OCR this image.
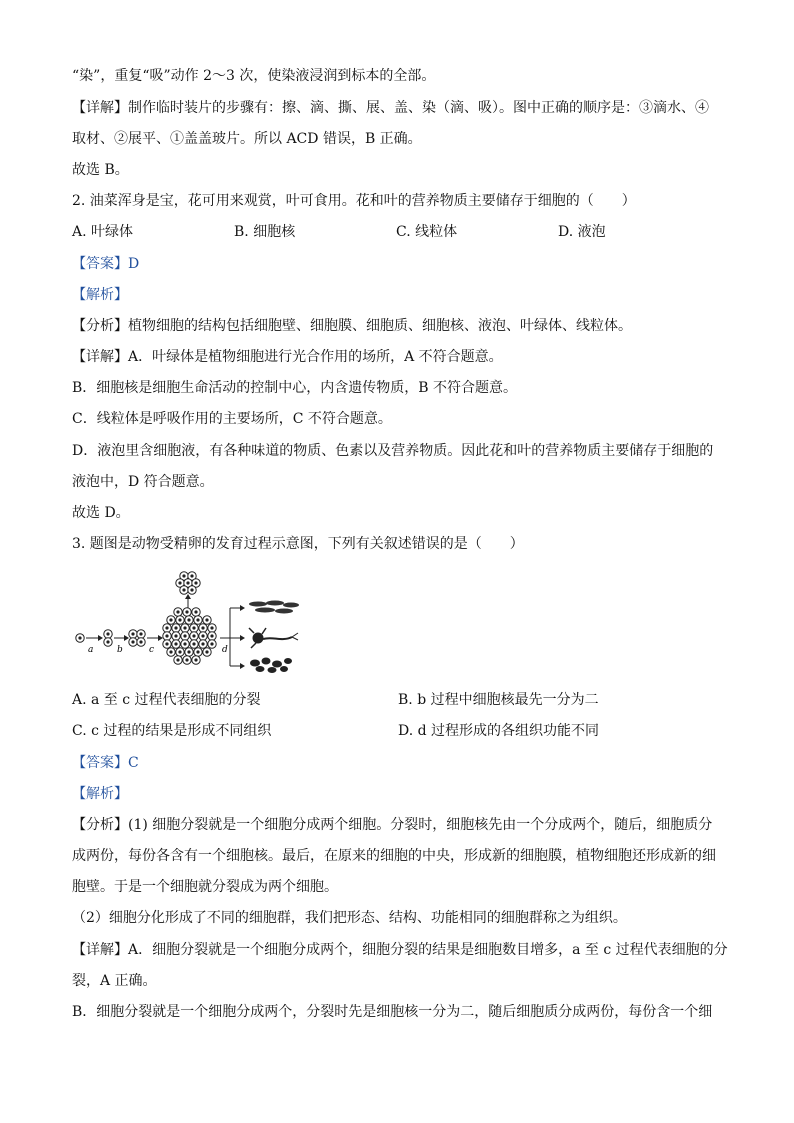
“染”，重复“吸”动作 2～3 次，使染液浸润到标本的全部。
【详解】制作临时装片的步骤有：擦、滴、撕、展、盖、染（滴、吸）。图中正确的顺序是：③滴水、④
取材、②展平、①盖盖玻片。所以 ACD 错误，B 正确。
故选 B。
2. 油菜浑身是宝，花可用来观赏，叶可食用。花和叶的营养物质主要储存于细胞的（　　）
A. 叶绿体	B. 细胞核	C. 线粒体	D. 液泡
【答案】D
【解析】
【分析】植物细胞的结构包括细胞壁、细胞膜、细胞质、细胞核、液泡、叶绿体、线粒体。
【详解】A．叶绿体是植物细胞进行光合作用的场所，A 不符合题意。
B．细胞核是细胞生命活动的控制中心，内含遗传物质，B 不符合题意。
C．线粒体是呼吸作用的主要场所，C 不符合题意。
D．液泡里含细胞液，有各种味道的物质、色素以及营养物质。因此花和叶的营养物质主要储存于细胞的
液泡中，D 符合题意。
故选 D。
3. 题图是动物受精卵的发育过程示意图，下列有关叙述错误的是（　　）
a	b	c	d
A. a 至 c 过程代表细胞的分裂	B. b 过程中细胞核最先一分为二
C. c 过程的结果是形成不同组织	D. d 过程形成的各组织功能不同
【答案】C
【解析】
【分析】(1) 细胞分裂就是一个细胞分成两个细胞。分裂时，细胞核先由一个分成两个，随后，细胞质分
成两份，每份各含有一个细胞核。最后，在原来的细胞的中央，形成新的细胞膜，植物细胞还形成新的细
胞壁。于是一个细胞就分裂成为两个细胞。
（2）细胞分化形成了不同的细胞群，我们把形态、结构、功能相同的细胞群称之为组织。
【详解】A．细胞分裂就是一个细胞分成两个，细胞分裂的结果是细胞数目增多，a 至 c 过程代表细胞的分
裂，A 正确。
B．细胞分裂就是一个细胞分成两个，分裂时先是细胞核一分为二，随后细胞质分成两份，每份含一个细
